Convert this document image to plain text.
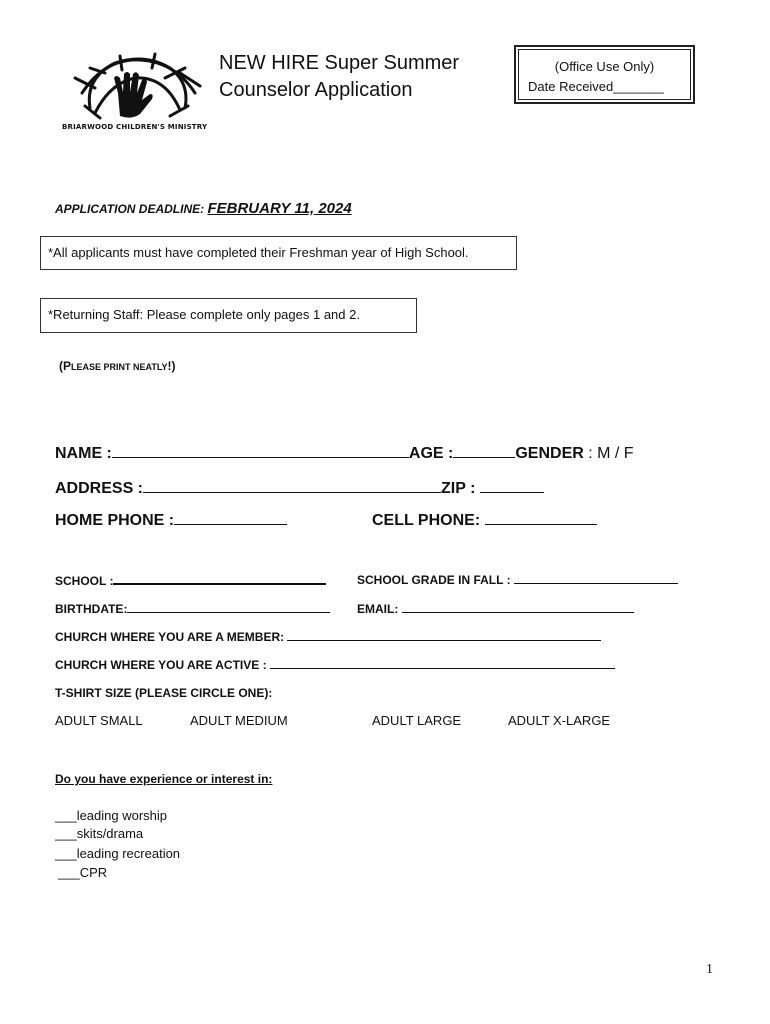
BRIARWOOD CHILDREN'S MINISTRY
NEW HIRE Super Summer
Counselor Application
(Office Use Only)
Date Received_______
APPLICATION DEADLINE: FEBRUARY 11, 2024
*All applicants must have completed their Freshman year of High School.
*Returning Staff: Please complete only pages 1 and 2.
(PLEASE PRINT NEATLY!)
NAME :	AGE :	GENDER : M / F
ADDRESS :	ZIP :
HOME PHONE :	CELL PHONE:
SCHOOL :	SCHOOL GRADE IN FALL :
BIRTHDATE:	EMAIL:
CHURCH WHERE YOU ARE A MEMBER:
CHURCH WHERE YOU ARE ACTIVE :
T-SHIRT SIZE (PLEASE CIRCLE ONE):
ADULT SMALL	ADULT MEDIUM	ADULT LARGE	ADULT X-LARGE
Do you have experience or interest in:
___leading worship
___skits/drama
___leading recreation
___CPR
1
